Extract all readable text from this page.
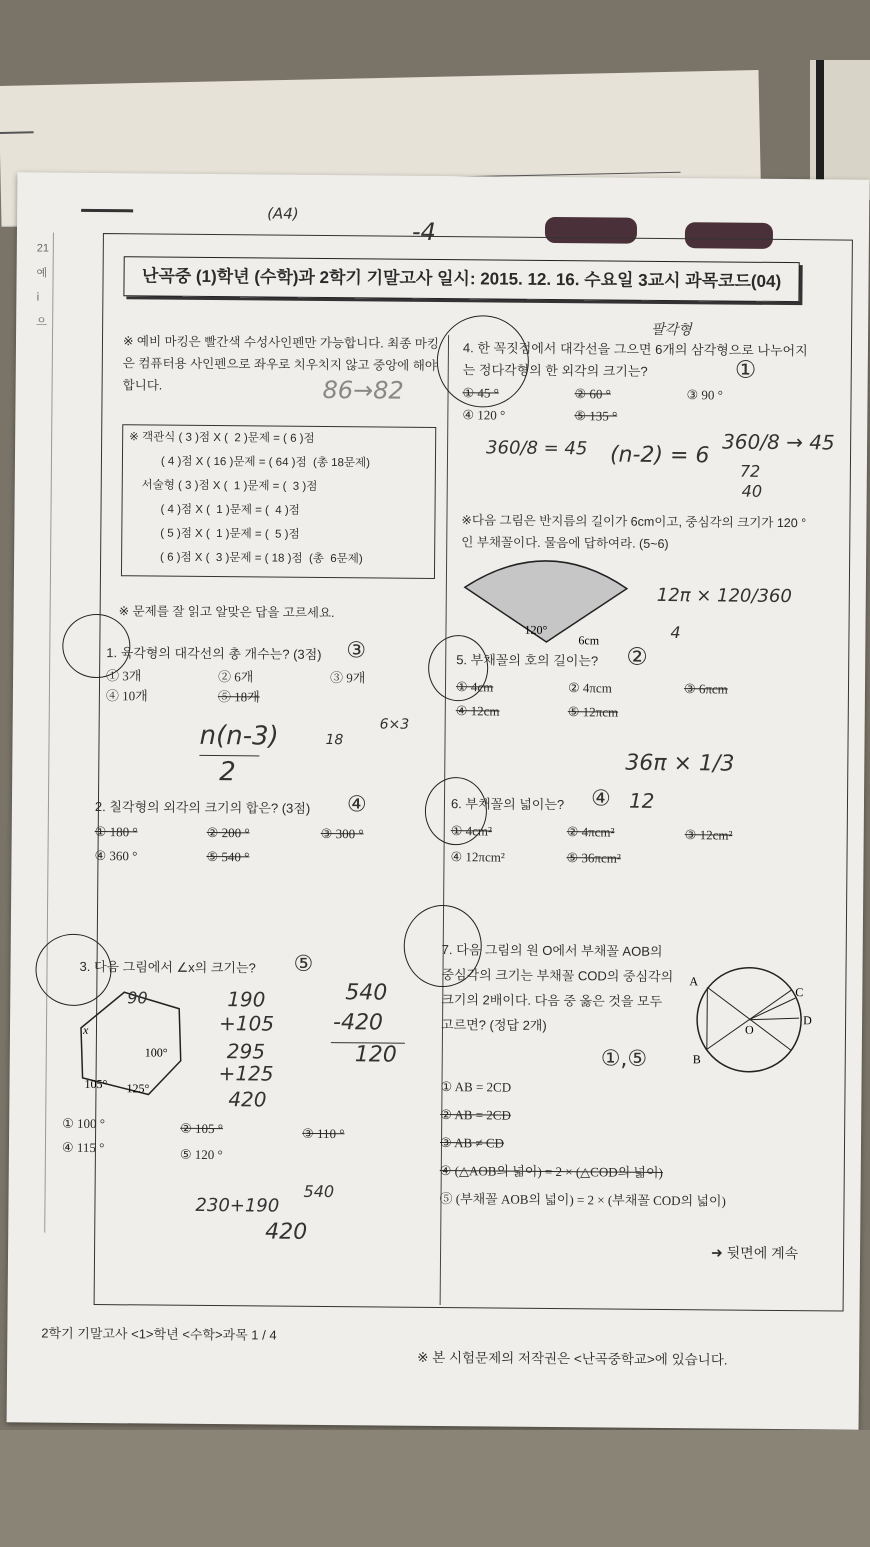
21
예
ⅰ
으
(A4)
-4
난곡중 (1)학년 (수학)과 2학기 기말고사 일시: 2015. 12. 16. 수요일 3교시 과목코드(04)
※ 예비 마킹은 빨간색 수성사인펜만 가능합니다. 최종 마킹은 컴퓨터용 사인펜으로 좌우로 치우치지 않고 중앙에 해야 합니다.	86→82
※ 객관식 ( 3 )점 X (  2 )문제 = ( 6 )점
( 4 )점 X ( 16 )문제 = ( 64 )점  (총 18문제)
서술형 ( 3 )점 X (  1 )문제 = (  3 )점
( 4 )점 X (  1 )문제 = (  4 )점
( 5 )점 X (  1 )문제 = (  5 )점
( 6 )점 X (  3 )문제 = ( 18 )점  (총  6문제)
※ 문제를 잘 읽고 알맞은 답을 고르세요.
1. 육각형의 대각선의 총 개수는? (3점) ③
① 3개	② 6개	③ 9개
④ 10개	⑤ 18개
n(n-3)
2
18
6×3
2. 칠각형의 외각의 크기의 합은? (3점) ④
① 180 °	② 200 °	③ 300 °
④ 360 °	⑤ 540 °
3. 다음 그림에서 ∠x의 크기는? ⑤
x
100°
105° 125°
90	190
+105
295
+125
420
540
-420
120
① 100 °	② 105 °	③ 110 °
④ 115 °	⑤ 120 °
230+190
540
420
4. 한 꼭짓점에서 대각선을 그으면 6개의 삼각형으로 나누어지는 정다각형의 한 외각의 크기는?
팔각형
①
① 45 °	② 60 °	③ 90 °
④ 120 °	⑤ 135 °
360/8 = 45 (n-2) = 6
360/8 → 45
72
40
※다음 그림은 반지름의 길이가 6cm이고, 중심각의 크기가 120 °인 부채꼴이다. 물음에 답하여라. (5~6)
120°
6cm
12π × 120/360
4
5. 부채꼴의 호의 길이는? ②
① 4cm	② 4πcm	③ 6πcm
④ 12cm	⑤ 12πcm
36π × 1/3
6. 부채꼴의 넓이는? ④ 12
① 4cm²	② 4πcm²	③ 12cm²
④ 12πcm²	⑤ 36πcm²
7. 다음 그림의 원 O에서 부채꼴 AOB의 중심각의 크기는 부채꼴 COD의 중심각의 크기의 2배이다. 다음 중 옳은 것을 모두 고르면? (정답 2개)
①,⑤
A
B
C
D
O
① AB = 2CD
② AB = 2CD
③ AB ≠ CD
④ (△AOB의 넓이) = 2 × (△COD의 넓이)
⑤ (부채꼴 AOB의 넓이) = 2 × (부채꼴 COD의 넓이)
➜ 뒷면에 계속
2학기 기말고사 <1>학년 <수학>과목 1 / 4
※ 본 시험문제의 저작권은 <난곡중학교>에 있습니다.
